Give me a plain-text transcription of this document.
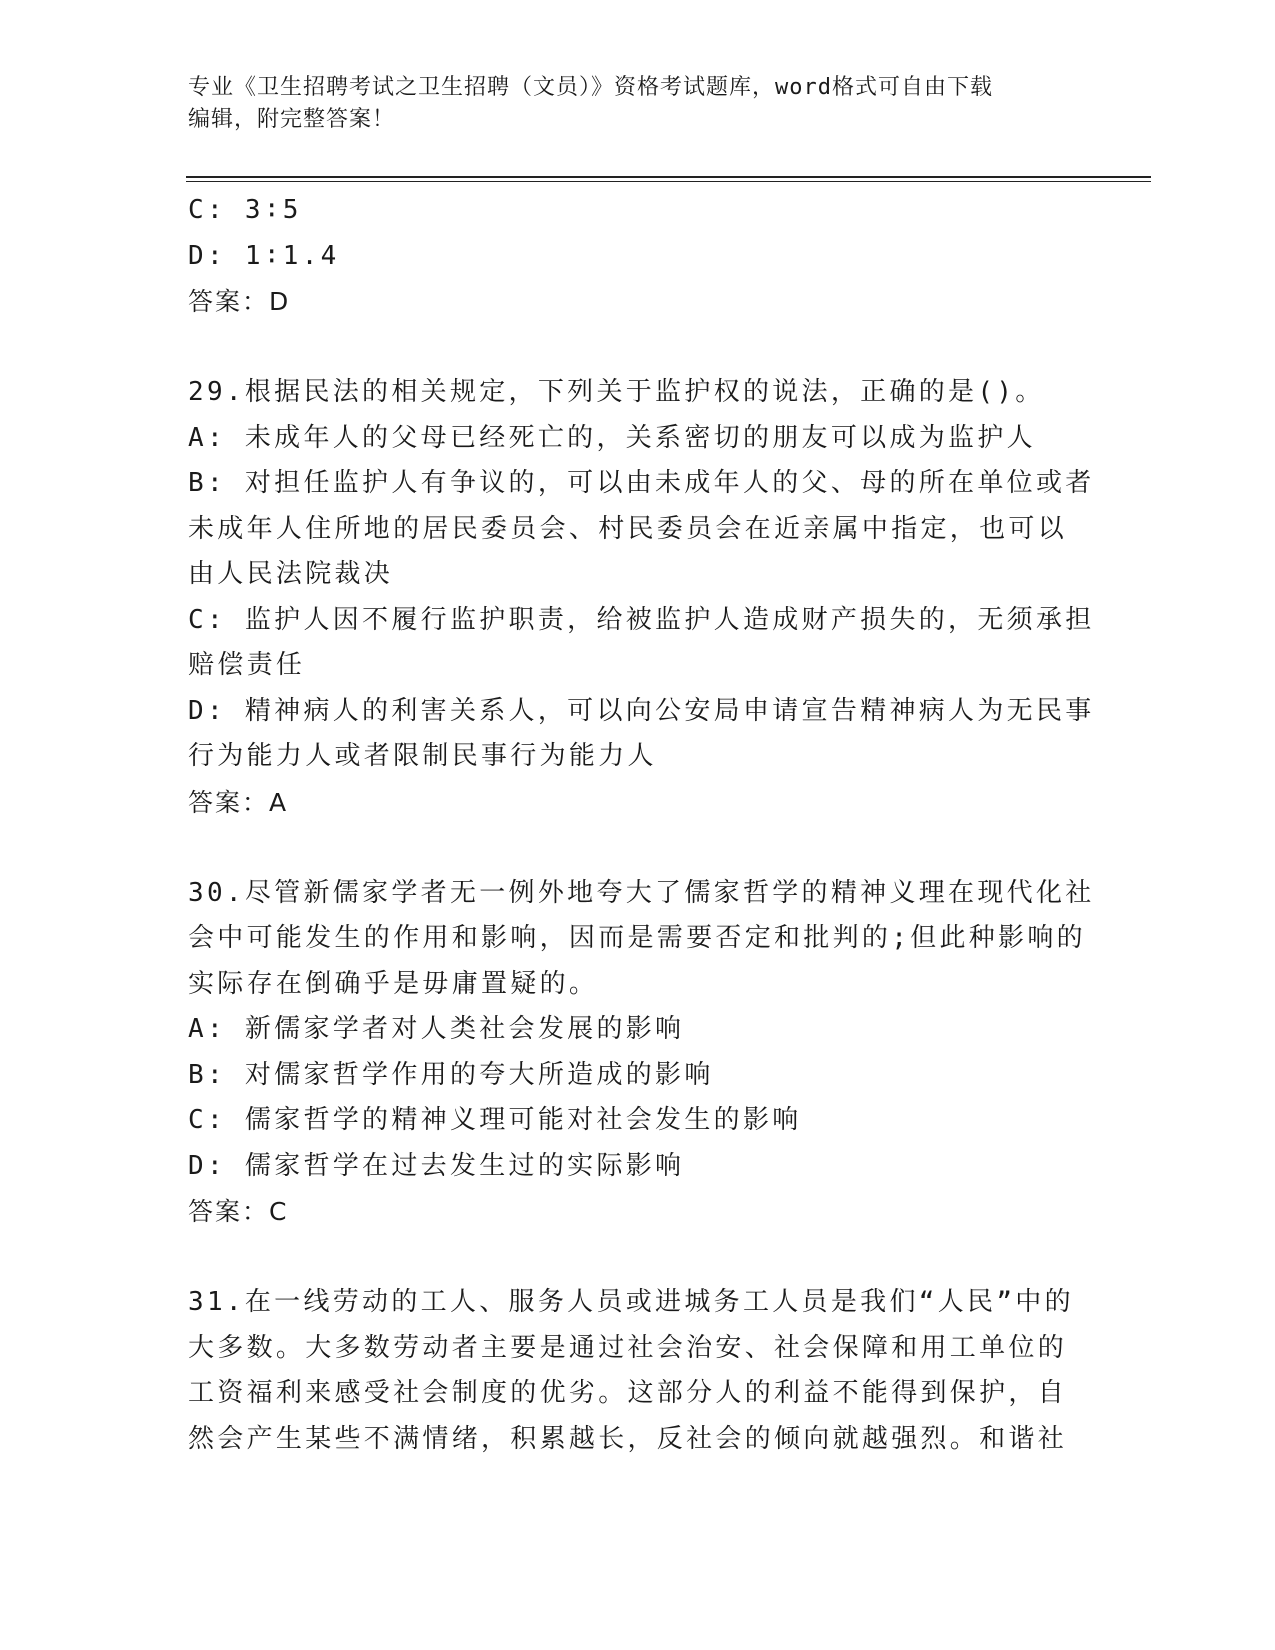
专业《卫生招聘考试之卫生招聘（文员）》资格考试题库，word格式可自由下载
编辑，附完整答案！
C: 3∶5
D: 1∶1.4
答案：D
29.根据民法的相关规定，下列关于监护权的说法，正确的是()。
A: 未成年人的父母已经死亡的，关系密切的朋友可以成为监护人
B: 对担任监护人有争议的，可以由未成年人的父、母的所在单位或者
未成年人住所地的居民委员会、村民委员会在近亲属中指定，也可以
由人民法院裁决
C: 监护人因不履行监护职责，给被监护人造成财产损失的，无须承担
赔偿责任
D: 精神病人的利害关系人，可以向公安局申请宣告精神病人为无民事
行为能力人或者限制民事行为能力人
答案：A
30.尽管新儒家学者无一例外地夸大了儒家哲学的精神义理在现代化社
会中可能发生的作用和影响，因而是需要否定和批判的;但此种影响的
实际存在倒确乎是毋庸置疑的。
A: 新儒家学者对人类社会发展的影响
B: 对儒家哲学作用的夸大所造成的影响
C: 儒家哲学的精神义理可能对社会发生的影响
D: 儒家哲学在过去发生过的实际影响
答案：C
31.在一线劳动的工人、服务人员或进城务工人员是我们“人民”中的
大多数。大多数劳动者主要是通过社会治安、社会保障和用工单位的
工资福利来感受社会制度的优劣。这部分人的利益不能得到保护，自
然会产生某些不满情绪，积累越长，反社会的倾向就越强烈。和谐社
